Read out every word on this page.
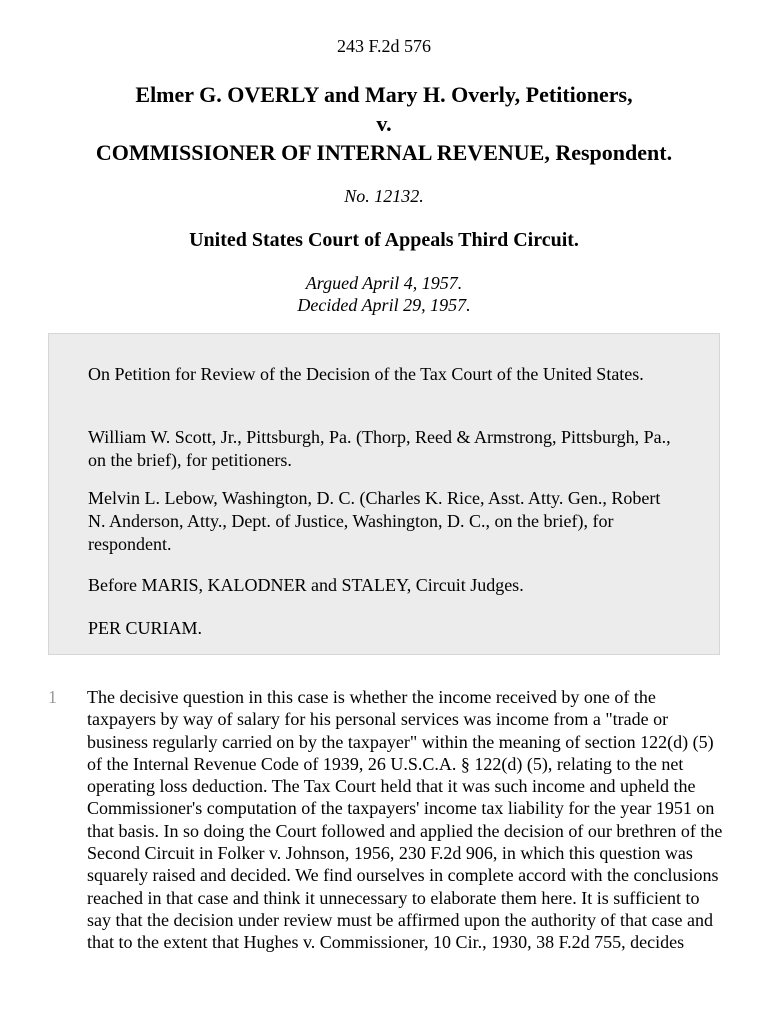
243 F.2d 576
Elmer G. OVERLY and Mary H. Overly, Petitioners,
v.
COMMISSIONER OF INTERNAL REVENUE, Respondent.
No. 12132.
United States Court of Appeals Third Circuit.
Argued April 4, 1957.
Decided April 29, 1957.

On Petition for Review of the Decision of the Tax Court of the United States.

William W. Scott, Jr., Pittsburgh, Pa. (Thorp, Reed & Armstrong, Pittsburgh, Pa., on the brief), for petitioners.

Melvin L. Lebow, Washington, D. C. (Charles K. Rice, Asst. Atty. Gen., Robert N. Anderson, Atty., Dept. of Justice, Washington, D. C., on the brief), for respondent.

Before MARIS, KALODNER and STALEY, Circuit Judges.

PER CURIAM.

1 The decisive question in this case is whether the income received by one of the taxpayers by way of salary for his personal services was income from a "trade or business regularly carried on by the taxpayer" within the meaning of section 122(d) (5) of the Internal Revenue Code of 1939, 26 U.S.C.A. § 122(d) (5), relating to the net operating loss deduction. The Tax Court held that it was such income and upheld the Commissioner's computation of the taxpayers' income tax liability for the year 1951 on that basis. In so doing the Court followed and applied the decision of our brethren of the Second Circuit in Folker v. Johnson, 1956, 230 F.2d 906, in which this question was squarely raised and decided. We find ourselves in complete accord with the conclusions reached in that case and think it unnecessary to elaborate them here. It is sufficient to say that the decision under review must be affirmed upon the authority of that case and that to the extent that Hughes v. Commissioner, 10 Cir., 1930, 38 F.2d 755, decides
